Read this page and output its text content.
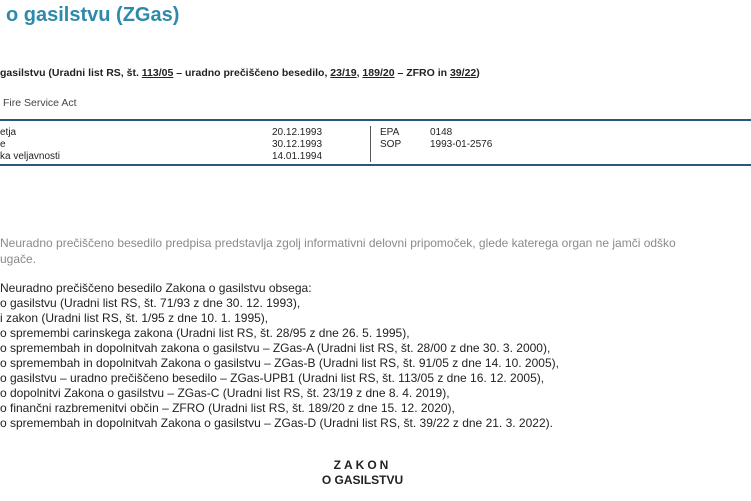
o gasilstvu (ZGas)

gasilstvu (Uradni list RS, št. 113/05 – uradno prečiščeno besedilo, 23/19, 189/20 – ZFRO in 39/22)

Fire Service Act
etja
e
ka veljavnosti
20.12.1993
30.12.1993
14.01.1994
EPA
SOP
0148
1993-01-2576
Neuradno prečiščeno besedilo predpisa predstavlja zgolj informativni delovni pripomoček, glede katerega organ ne jamči odško
ugače.
Neuradno prečiščeno besedilo Zakona o gasilstvu obsega:
o gasilstvu (Uradni list RS, št. 71/93 z dne 30. 12. 1993),
i zakon (Uradni list RS, št. 1/95 z dne 10. 1. 1995),
o spremembi carinskega zakona (Uradni list RS, št. 28/95 z dne 26. 5. 1995),
o spremembah in dopolnitvah zakona o gasilstvu – ZGas-A (Uradni list RS, št. 28/00 z dne 30. 3. 2000),
o spremembah in dopolnitvah Zakona o gasilstvu – ZGas-B (Uradni list RS, št. 91/05 z dne 14. 10. 2005),
o gasilstvu – uradno prečiščeno besedilo – ZGas-UPB1 (Uradni list RS, št. 113/05 z dne 16. 12. 2005),
o dopolnitvi Zakona o gasilstvu – ZGas-C (Uradni list RS, št. 23/19 z dne 8. 4. 2019),
o finančni razbremenitvi občin – ZFRO (Uradni list RS, št. 189/20 z dne 15. 12. 2020),
o spremembah in dopolnitvah Zakona o gasilstvu – ZGas-D (Uradni list RS, št. 39/22 z dne 21. 3. 2022).
ZAKON
O GASILSTVU
